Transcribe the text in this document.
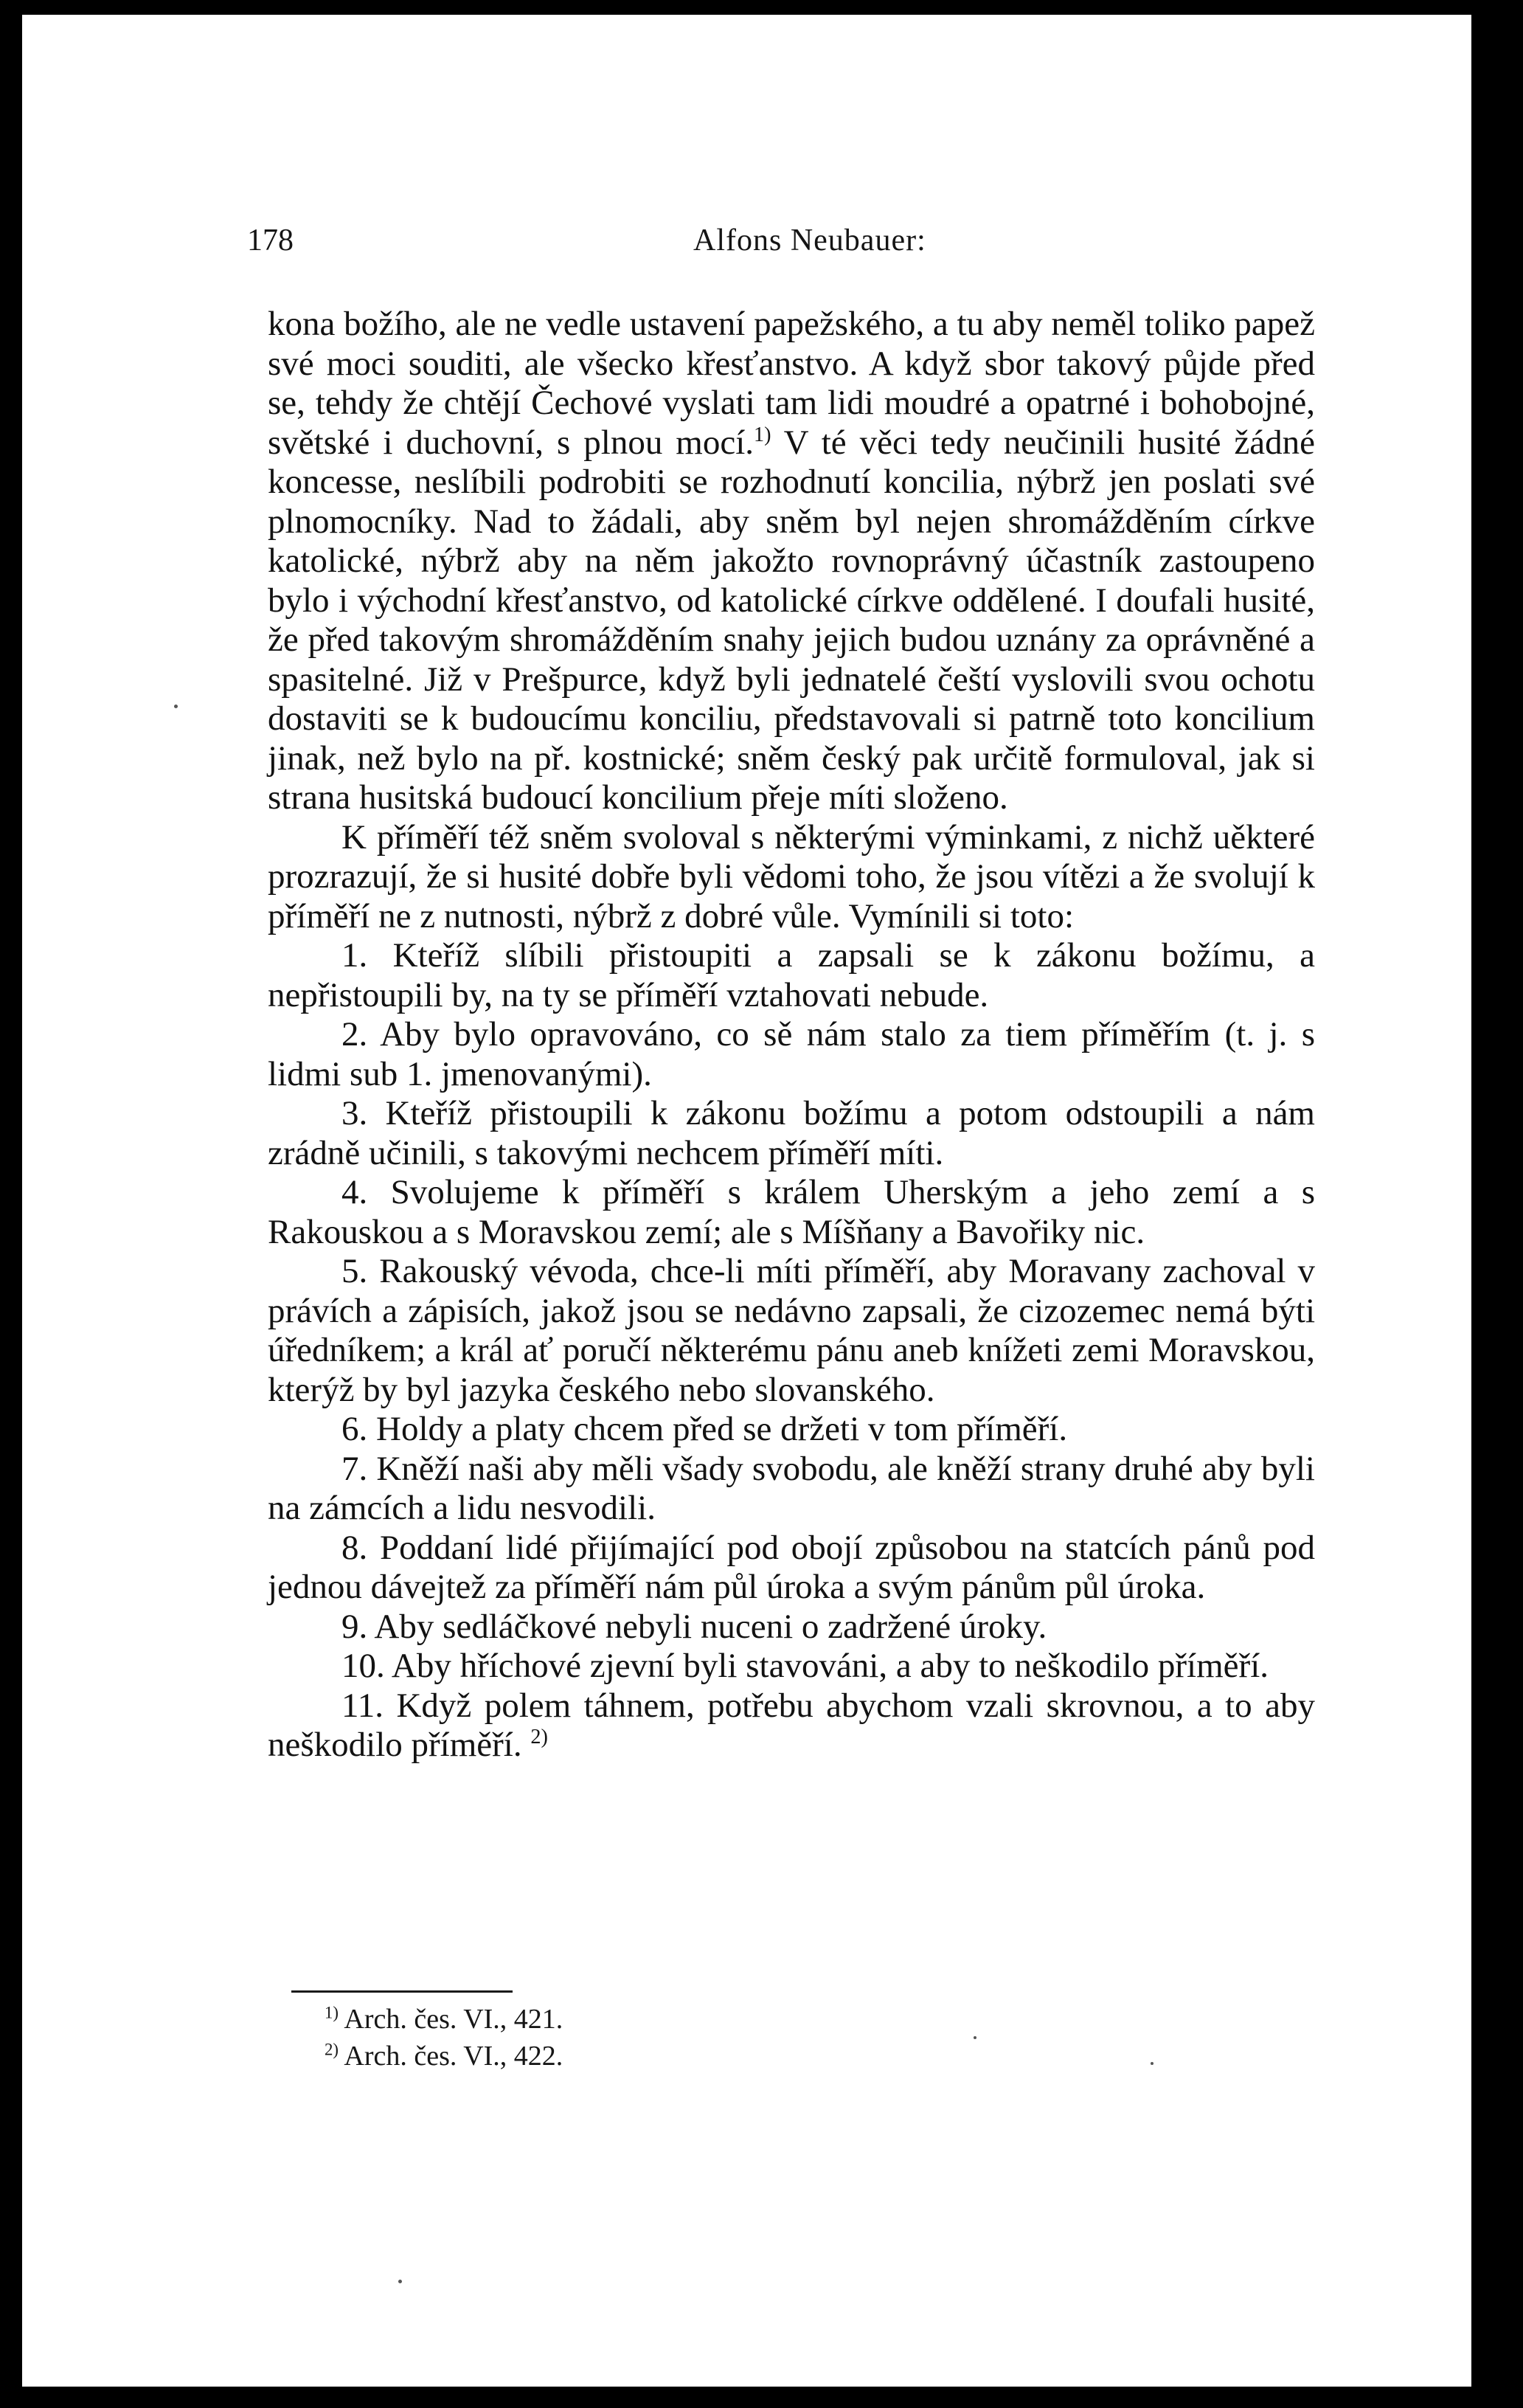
178	Alfons Neubauer:

kona božího, ale ne vedle ustavení papežského, a tu aby neměl toliko papež své moci souditi, ale všecko křesťanstvo. A když sbor takový půjde před se, tehdy že chtějí Čechové vyslati tam lidi moudré a opatrné i bohobojné, světské i duchovní, s plnou mocí.$^{1)}$ V té věci tedy neučinili husité žádné koncesse, neslíbili podrobiti se rozhodnutí koncilia, nýbrž jen poslati své plnomocníky. Nad to žádali, aby sněm byl nejen shromážděním církve katolické, nýbrž aby na něm jakožto rovnoprávný účastník zastoupeno bylo i východní křesťanstvo, od katolické církve oddělené. I doufali husité, že před takovým shromážděním snahy jejich budou uznány za oprávněné a spasitelné. Již v Prešpurce, když byli jednatelé čeští vyslovili svou ochotu dostaviti se k budoucímu konciliu, představovali si patrně toto koncilium jinak, než bylo na př. kostnické; sněm český pak určitě formuloval, jak si strana husitská budoucí koncilium přeje míti složeno.

K příměří též sněm svoloval s některými výminkami, z nichž uěkteré prozrazují, že si husité dobře byli vědomi toho, že jsou vítězi a že svolují k příměří ne z nutnosti, nýbrž z dobré vůle. Vymínili si toto:

1. Kteříž slíbili přistoupiti a zapsali se k zákonu božímu, a nepřistoupili by, na ty se příměří vztahovati nebude.

2. Aby bylo opravováno, co sě nám stalo za tiem příměřím (t. j. s lidmi sub 1. jmenovanými).

3. Kteříž přistoupili k zákonu božímu a potom odstoupili a nám zrádně učinili, s takovými nechcem příměří míti.

4. Svolujeme k příměří s králem Uherským a jeho zemí a s Rakouskou a s Moravskou zemí; ale s Míšňany a Bavořiky nic.

5. Rakouský vévoda, chce-li míti příměří, aby Moravany zachoval v právích a zápisích, jakož jsou se nedávno zapsali, že cizozemec nemá býti úředníkem; a král ať poručí některému pánu aneb knížeti zemi Moravskou, kterýž by byl jazyka českého nebo slovanského.

6. Holdy a platy chcem před se držeti v tom příměří.

7. Kněží naši aby měli všady svobodu, ale kněží strany druhé aby byli na zámcích a lidu nesvodili.

8. Poddaní lidé přijímající pod obojí způsobou na statcích pánů pod jednou dávejtež za příměří nám půl úroka a svým pánům půl úroka.

9. Aby sedláčkové nebyli nuceni o zadržené úroky.

10. Aby hříchové zjevní byli stavováni, a aby to neškodilo příměří.

11. Když polem táhnem, potřebu abychom vzali skrovnou, a to aby neškodilo příměří. $^{2)}$

$^{1)}$ Arch. čes. VI., 421.
$^{2)}$ Arch. čes. VI., 422.
